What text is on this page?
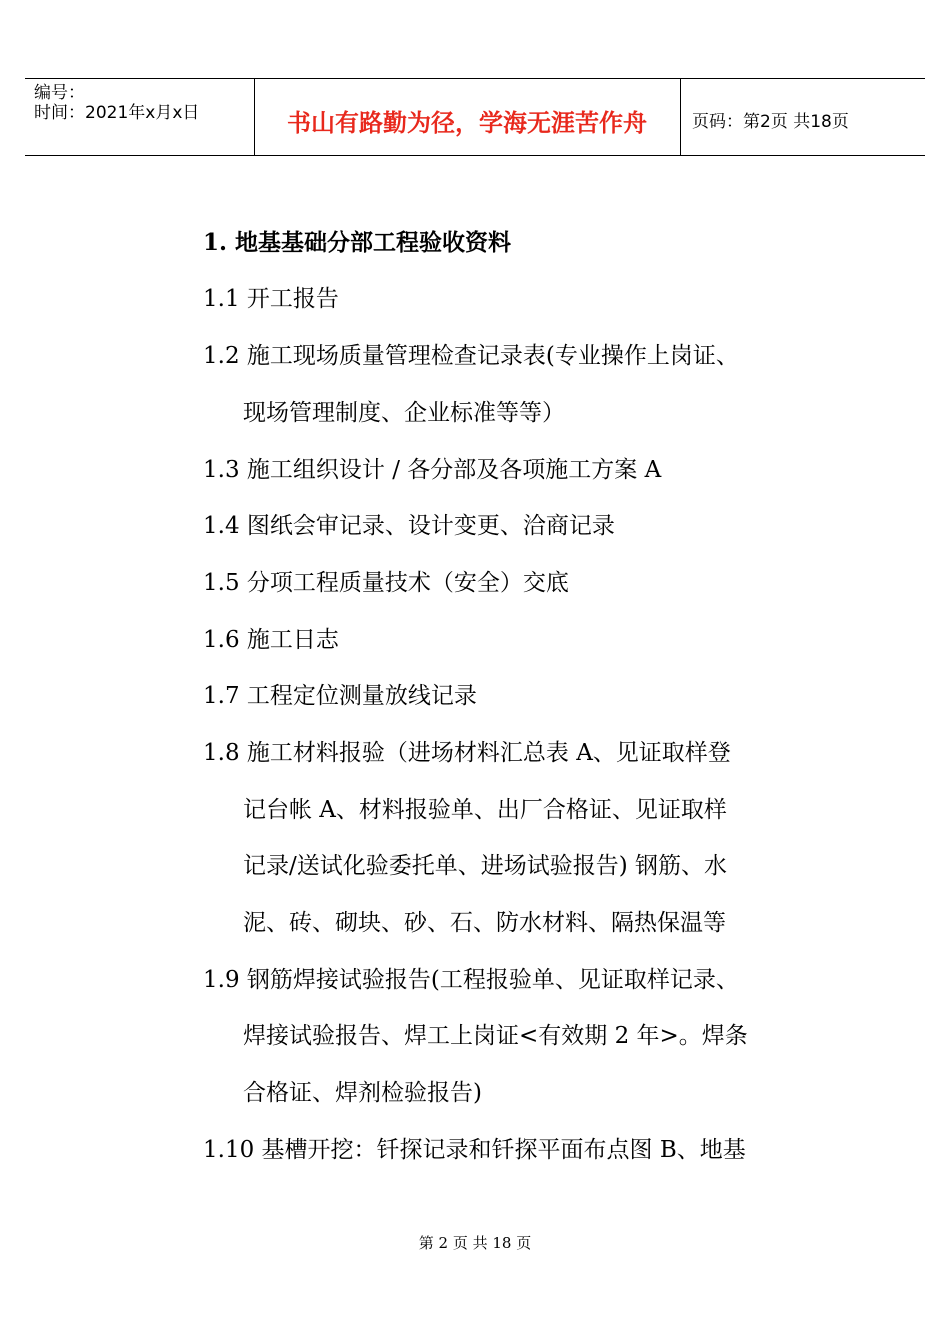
编号：
时间：2021年x月x日	书山有路勤为径，学海无涯苦作舟	页码：第2页 共18页
1. 地基基础分部工程验收资料
1.1 开工报告
1.2 施工现场质量管理检查记录表(专业操作上岗证、
现场管理制度、企业标准等等）
1.3 施工组织设计 / 各分部及各项施工方案 A
1.4 图纸会审记录、设计变更、洽商记录
1.5 分项工程质量技术（安全）交底
1.6 施工日志
1.7 工程定位测量放线记录
1.8 施工材料报验（进场材料汇总表 A、见证取样登
记台帐 A、材料报验单、出厂合格证、见证取样
记录/送试化验委托单、进场试验报告) 钢筋、水
泥、砖、砌块、砂、石、防水材料、隔热保温等
1.9 钢筋焊接试验报告(工程报验单、见证取样记录、
焊接试验报告、焊工上岗证<有效期 2 年>。焊条
合格证、焊剂检验报告)
1.10 基槽开挖：钎探记录和钎探平面布点图 B、地基
第 2 页 共 18 页
